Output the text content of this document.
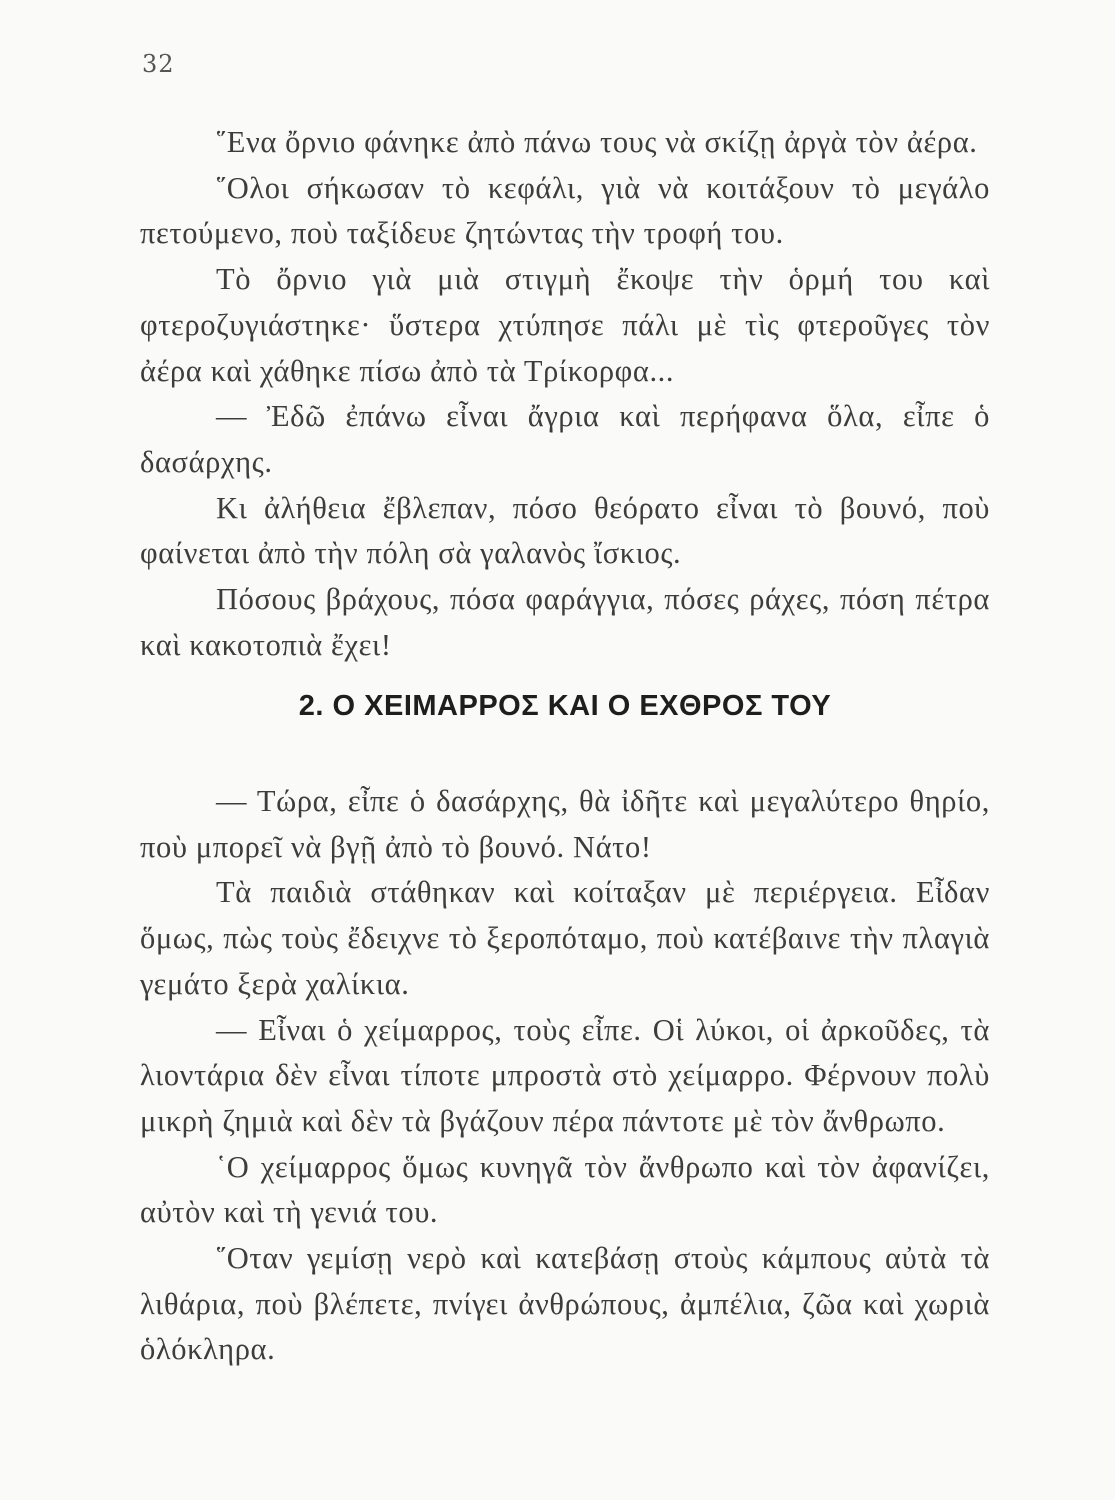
32

῞Ενα ὄρνιο φάνηκε ἀπὸ πάνω τους νὰ σκίζῃ ἀργὰ τὸν ἀέρα.

῞Ολοι σήκωσαν τὸ κεφάλι, γιὰ νὰ κοιτάξουν τὸ μεγάλο πετούμενο, ποὺ ταξίδευε ζητώντας τὴν τροφή του.

Τὸ ὄρνιο γιὰ μιὰ στιγμὴ ἔκοψε τὴν ὁρμή του καὶ φτεροζυγιάστηκε· ὕστερα χτύπησε πάλι μὲ τὶς φτεροῦγες τὸν ἀέρα καὶ χάθηκε πίσω ἀπὸ τὰ Τρίκορφα...

— Ἐδῶ ἐπάνω εἶναι ἄγρια καὶ περήφανα ὅλα, εἶπε ὁ δασάρχης.

Κι ἀλήθεια ἔβλεπαν, πόσο θεόρατο εἶναι τὸ βουνό, ποὺ φαίνεται ἀπὸ τὴν πόλη σὰ γαλανὸς ἴσκιος.

Πόσους βράχους, πόσα φαράγγια, πόσες ράχες, πόση πέτρα καὶ κακοτοπιὰ ἔχει!

2. Ο ΧΕΙΜΑΡΡΟΣ ΚΑΙ Ο ΕΧΘΡΟΣ ΤΟΥ

— Τώρα, εἶπε ὁ δασάρχης, θὰ ἰδῆτε καὶ μεγαλύτερο θηρίο, ποὺ μπορεῖ νὰ βγῇ ἀπὸ τὸ βουνό. Νάτο!

Τὰ παιδιὰ στάθηκαν καὶ κοίταξαν μὲ περιέργεια. Εἶδαν ὅμως, πὼς τοὺς ἔδειχνε τὸ ξεροπόταμο, ποὺ κατέβαινε τὴν πλαγιὰ γεμάτο ξερὰ χαλίκια.

— Εἶναι ὁ χείμαρρος, τοὺς εἶπε. Οἱ λύκοι, οἱ ἀρκοῦδες, τὰ λιοντάρια δὲν εἶναι τίποτε μπροστὰ στὸ χείμαρρο. Φέρνουν πολὺ μικρὴ ζημιὰ καὶ δὲν τὰ βγάζουν πέρα πάντοτε μὲ τὸν ἄνθρωπο.

῾Ο χείμαρρος ὅμως κυνηγᾶ τὸν ἄνθρωπο καὶ τὸν ἀφανίζει, αὐτὸν καὶ τὴ γενιά του.

῞Οταν γεμίσῃ νερὸ καὶ κατεβάσῃ στοὺς κάμπους αὐτὰ τὰ λιθάρια, ποὺ βλέπετε, πνίγει ἀνθρώπους, ἀμπέλια, ζῶα καὶ χωριὰ ὁλόκληρα.
